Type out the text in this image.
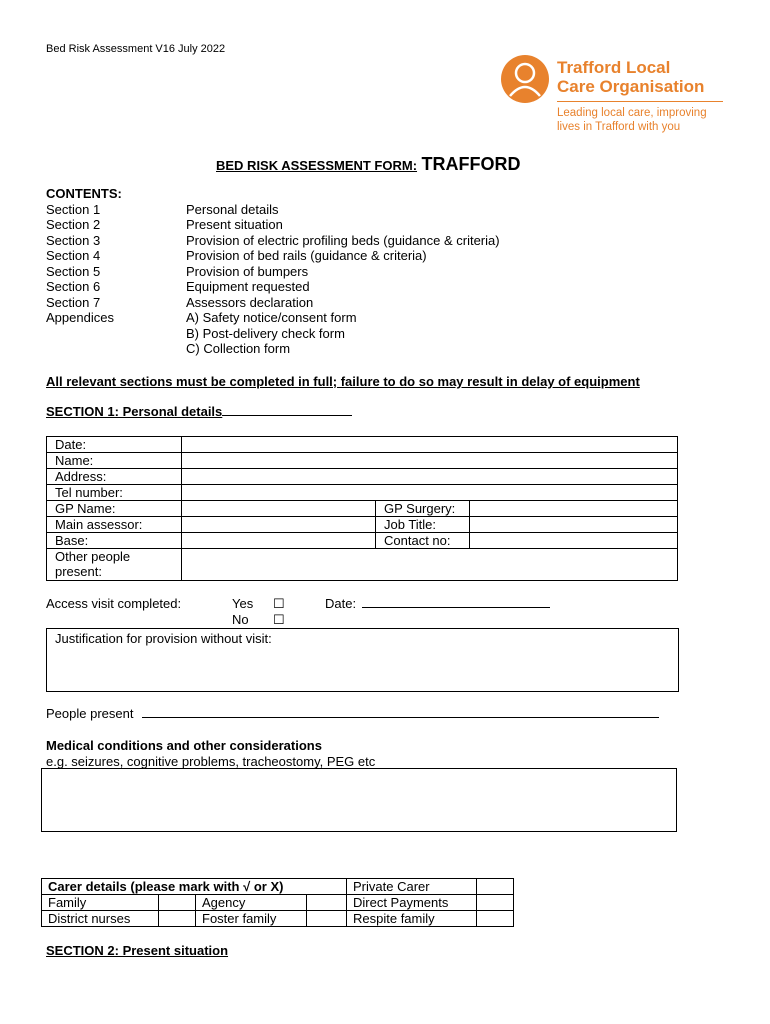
Bed Risk Assessment V16 July 2022
Trafford Local
Care Organisation
Leading local care, improving
lives in Trafford with you
BED RISK ASSESSMENT FORM: TRAFFORD
CONTENTS:
Section 1	Personal details
Section 2	Present situation
Section 3	Provision of electric profiling beds (guidance & criteria)
Section 4	Provision of bed rails (guidance & criteria)
Section 5	Provision of bumpers
Section 6	Equipment requested
Section 7	Assessors declaration
Appendices	A) Safety notice/consent form
B) Post-delivery check form
C) Collection form
All relevant sections must be completed in full; failure to do so may result in delay of equipment
SECTION 1: Personal details
Date:			
Name:			
Address:			
Tel number:			
GP Name:		GP Surgery:	
Main assessor:		Job Title:	
Base:		Contact no:	
Other people
present:			
Access visit completed:	Yes ☐
No ☐
Date:
Justification for provision without visit:
People present
Medical conditions and other considerations
e.g. seizures, cognitive problems, tracheostomy, PEG etc
Carer details (please mark with √ or X)				Private Carer	
Family		Agency		Direct Payments	
District nurses		Foster family		Respite family	
SECTION 2: Present situation
